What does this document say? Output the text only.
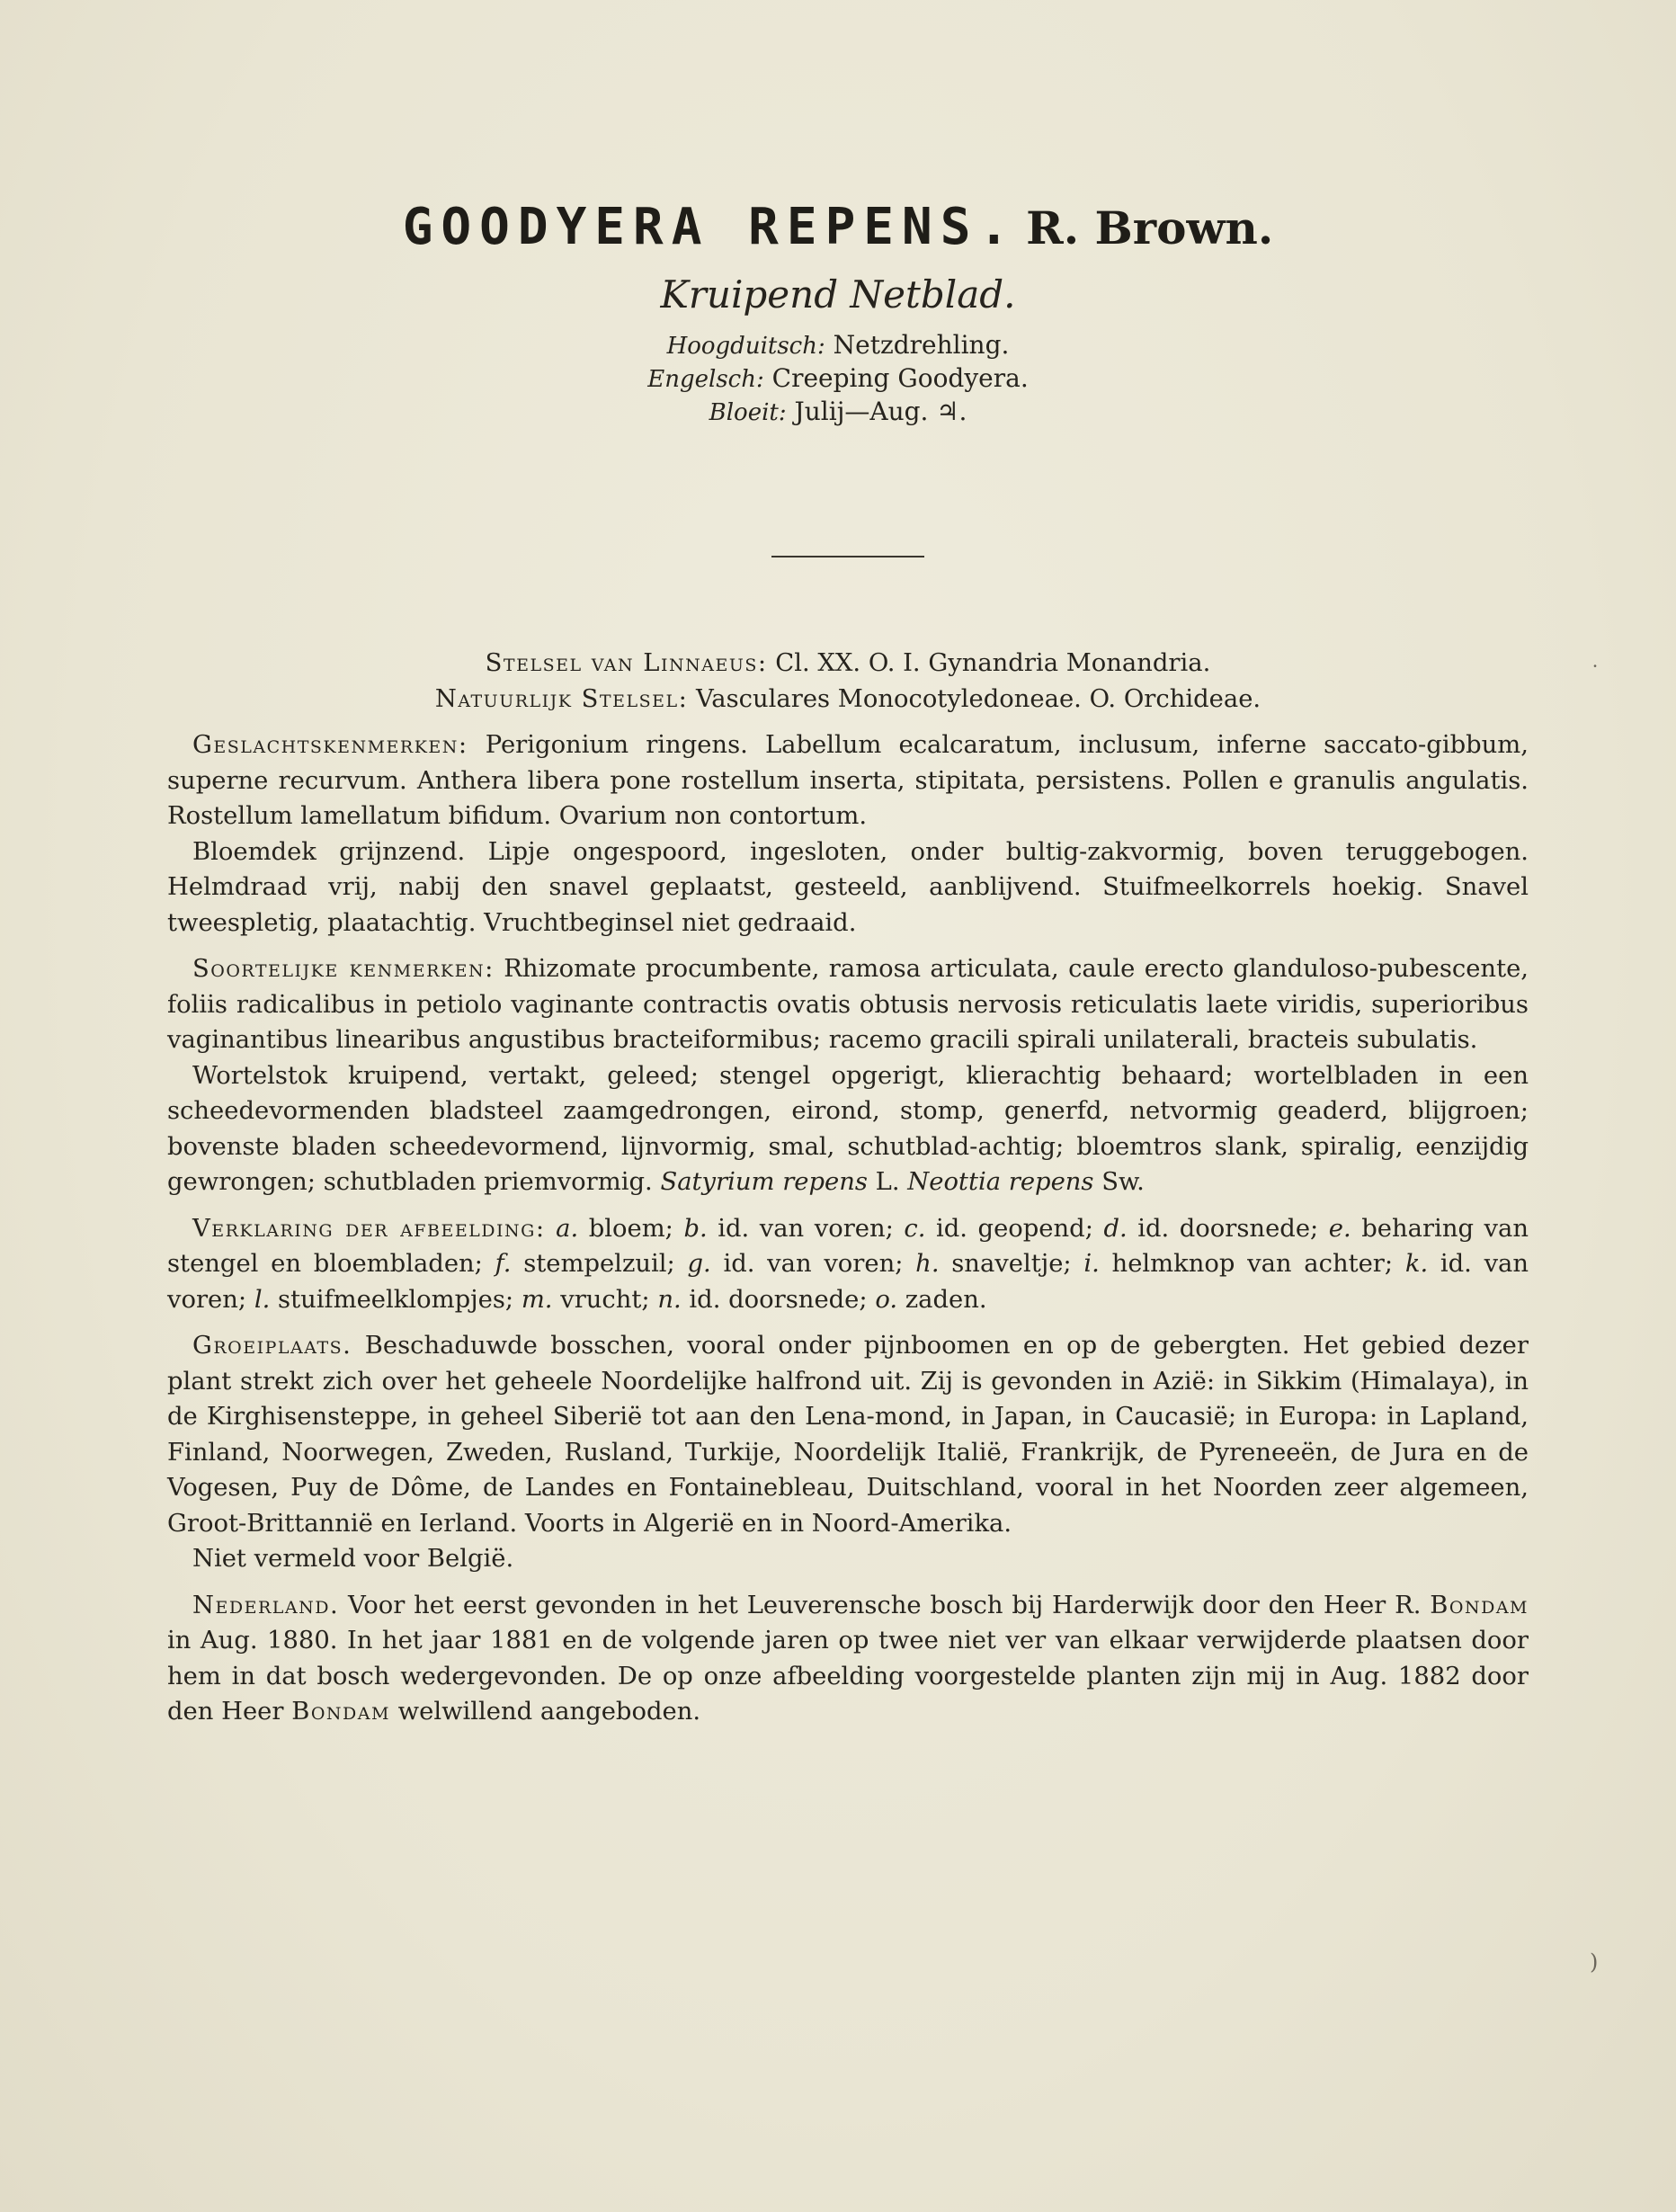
GOODYERA REPENS. R. Brown.
Kruipend Netblad.
Hoogduitsch: Netzdrehling.
Engelsch: Creeping Goodyera.
Bloeit: Julij—Aug. ♃.

Stelsel van Linnaeus: Cl. XX. O. I. Gynandria Monandria.

Natuurlijk Stelsel: Vasculares Monocotyledoneae. O. Orchideae.

Geslachtskenmerken: Perigonium ringens. Labellum ecalcaratum, inclusum, inferne saccato-gibbum, superne recurvum. Anthera libera pone rostellum inserta, stipitata, persistens. Pollen e granulis angulatis. Rostellum lamellatum bifidum. Ovarium non contortum.

Bloemdek grijnzend. Lipje ongespoord, ingesloten, onder bultig-zakvormig, boven teruggebogen. Helmdraad vrij, nabij den snavel geplaatst, gesteeld, aanblijvend. Stuifmeelkorrels hoekig. Snavel tweespletig, plaatachtig. Vruchtbeginsel niet gedraaid.

Soortelijke kenmerken: Rhizomate procumbente, ramosa articulata, caule erecto glanduloso-pubescente, foliis radicalibus in petiolo vaginante contractis ovatis obtusis nervosis reticulatis laete viridis, superioribus vaginantibus linearibus angustibus bracteiformibus; racemo gracili spirali unilaterali, bracteis subulatis.

Wortelstok kruipend, vertakt, geleed; stengel opgerigt, klierachtig behaard; wortelbladen in een scheedevormenden bladsteel zaamgedrongen, eirond, stomp, generfd, netvormig geaderd, blijgroen; bovenste bladen scheedevormend, lijnvormig, smal, schutblad-achtig; bloemtros slank, spiralig, eenzijdig gewrongen; schutbladen priemvormig. Satyrium repens L. Neottia repens Sw.

Verklaring der afbeelding: a. bloem; b. id. van voren; c. id. geopend; d. id. doorsnede; e. beharing van stengel en bloembladen; f. stempelzuil; g. id. van voren; h. snaveltje; i. helmknop van achter; k. id. van voren; l. stuifmeelklompjes; m. vrucht; n. id. doorsnede; o. zaden.

Groeiplaats. Beschaduwde bosschen, vooral onder pijnboomen en op de gebergten. Het gebied dezer plant strekt zich over het geheele Noordelijke halfrond uit. Zij is gevonden in Azië: in Sikkim (Himalaya), in de Kirghisensteppe, in geheel Siberië tot aan den Lena-mond, in Japan, in Caucasië; in Europa: in Lapland, Finland, Noorwegen, Zweden, Rusland, Turkije, Noordelijk Italië, Frankrijk, de Pyreneeën, de Jura en de Vogesen, Puy de Dôme, de Landes en Fontainebleau, Duitschland, vooral in het Noorden zeer algemeen, Groot-Brittannië en Ierland. Voorts in Algerië en in Noord-Amerika.

Niet vermeld voor België.

Nederland. Voor het eerst gevonden in het Leuverensche bosch bij Harderwijk door den Heer R. Bondam in Aug. 1880. In het jaar 1881 en de volgende jaren op twee niet ver van elkaar verwijderde plaatsen door hem in dat bosch wedergevonden. De op onze afbeelding voorgestelde planten zijn mij in Aug. 1882 door den Heer Bondam welwillend aangeboden.

˙
)
